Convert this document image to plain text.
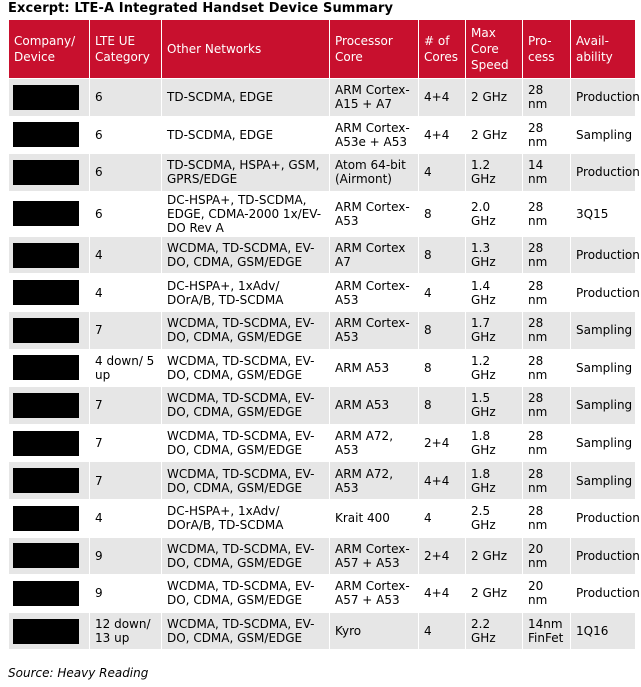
Excerpt: LTE-A Integrated Handset Device Summary
Company/ Device	LTE UE Category	Other Networks	Processor Core	# of Cores	Max Core Speed	Pro-cess	Avail-ability

	6	TD-SCDMA, EDGE	ARM Cortex-A15 + A7	4+4	2 GHz	28 nm	Production

	6	TD-SCDMA, EDGE	ARM Cortex-A53e + A53	4+4	2 GHz	28 nm	Sampling

	6	TD-SCDMA, HSPA+, GSM, GPRS/EDGE	Atom 64-bit (Airmont)	4	1.2 GHz	14 nm	Production

	6	DC-HSPA+, TD-SCDMA, EDGE, CDMA-2000 1x/EV-DO Rev A	ARM Cortex-A53	8	2.0 GHz	28 nm	3Q15

	4	WCDMA, TD-SCDMA, EV-DO, CDMA, GSM/EDGE	ARM Cortex A7	8	1.3 GHz	28 nm	Production

	4	DC-HSPA+, 1xAdv/ DOrA/B, TD-SCDMA	ARM Cortex-A53	4	1.4 GHz	28 nm	Production

	7	WCDMA, TD-SCDMA, EV-DO, CDMA, GSM/EDGE	ARM Cortex-A53	8	1.7 GHz	28 nm	Sampling

	4 down/ 5 up	WCDMA, TD-SCDMA, EV-DO, CDMA, GSM/EDGE	ARM A53	8	1.2 GHz	28 nm	Sampling

	7	WCDMA, TD-SCDMA, EV-DO, CDMA, GSM/EDGE	ARM A53	8	1.5 GHz	28 nm	Sampling

	7	WCDMA, TD-SCDMA, EV-DO, CDMA, GSM/EDGE	ARM A72, A53	2+4	1.8 GHz	28 nm	Sampling

	7	WCDMA, TD-SCDMA, EV-DO, CDMA, GSM/EDGE	ARM A72, A53	4+4	1.8 GHz	28 nm	Sampling

	4	DC-HSPA+, 1xAdv/ DOrA/B, TD-SCDMA	Krait 400	4	2.5 GHz	28 nm	Production

	9	WCDMA, TD-SCDMA, EV-DO, CDMA, GSM/EDGE	ARM Cortex-A57 + A53	2+4	2 GHz	20 nm	Production

	9	WCDMA, TD-SCDMA, EV-DO, CDMA, GSM/EDGE	ARM Cortex-A57 + A53	4+4	2 GHz	20 nm	Production

	12 down/ 13 up	WCDMA, TD-SCDMA, EV-DO, CDMA, GSM/EDGE	Kyro	4	2.2 GHz	14nm FinFet	1Q16
Source: Heavy Reading
